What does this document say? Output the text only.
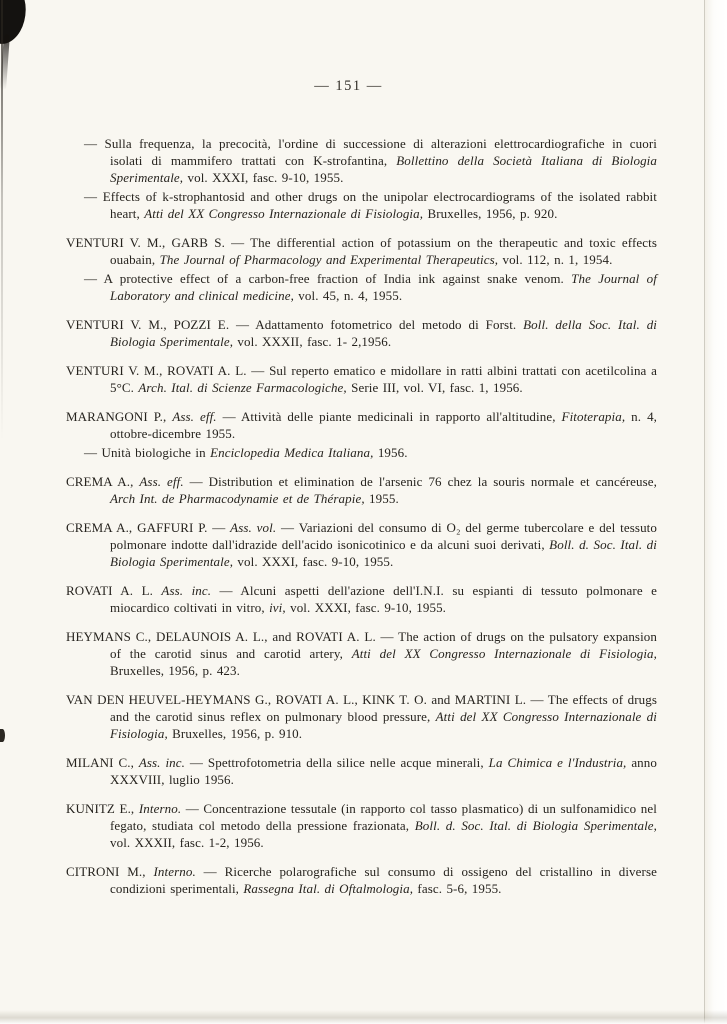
— 151 —

— Sulla frequenza, la precocità, l'ordine di successione di alterazioni elettrocardiografiche in cuori isolati di mammifero trattati con K-strofantina, Bollettino della Società Italiana di Biologia Sperimentale, vol. XXXI, fasc. 9-10, 1955.

— Effects of k-strophantosid and other drugs on the unipolar electrocardiograms of the isolated rabbit heart, Atti del XX Congresso Internazionale di Fisiologia, Bruxelles, 1956, p. 920.

VENTURI V. M., GARB S. — The differential action of potassium on the therapeutic and toxic effects ouabain, The Journal of Pharmacology and Experimental Therapeutics, vol. 112, n. 1, 1954.

— A protective effect of a carbon-free fraction of India ink against snake venom. The Journal of Laboratory and clinical medicine, vol. 45, n. 4, 1955.

VENTURI V. M., POZZI E. — Adattamento fotometrico del metodo di Forst. Boll. della Soc. Ital. di Biologia Sperimentale, vol. XXXII, fasc. 1- 2,1956.

VENTURI V. M., ROVATI A. L. — Sul reperto ematico e midollare in ratti albini trattati con acetilcolina a 5°C. Arch. Ital. di Scienze Farmacologiche, Serie III, vol. VI, fasc. 1, 1956.

MARANGONI P., Ass. eff. — Attività delle piante medicinali in rapporto all'altitudine, Fitoterapia, n. 4, ottobre-dicembre 1955.

— Unità biologiche in Enciclopedia Medica Italiana, 1956.

CREMA A., Ass. eff. — Distribution et elimination de l'arsenic 76 chez la souris normale et cancéreuse, Arch Int. de Pharmacodynamie et de Thérapie, 1955.

CREMA A., GAFFURI P. — Ass. vol. — Variazioni del consumo di O₂ del germe tubercolare e del tessuto polmonare indotte dall'idrazide dell'acido isonicotinico e da alcuni suoi derivati, Boll. d. Soc. Ital. di Biologia Sperimentale, vol. XXXI, fasc. 9-10, 1955.

ROVATI A. L. Ass. inc. — Alcuni aspetti dell'azione dell'I.N.I. su espianti di tessuto polmonare e miocardico coltivati in vitro, ivi, vol. XXXI, fasc. 9-10, 1955.

HEYMANS C., DELAUNOIS A. L., and ROVATI A. L. — The action of drugs on the pulsatory expansion of the carotid sinus and carotid artery, Atti del XX Congresso Internazionale di Fisiologia, Bruxelles, 1956, p. 423.

VAN DEN HEUVEL-HEYMANS G., ROVATI A. L., KINK T. O. and MARTINI L. — The effects of drugs and the carotid sinus reflex on pulmonary blood pressure, Atti del XX Congresso Internazionale di Fisiologia, Bruxelles, 1956, p. 910.

MILANI C., Ass. inc. — Spettrofotometria della silice nelle acque minerali, La Chimica e l'Industria, anno XXXVIII, luglio 1956.

KUNITZ E., Interno. — Concentrazione tessutale (in rapporto col tasso plasmatico) di un sulfonamidico nel fegato, studiata col metodo della pressione frazionata, Boll. d. Soc. Ital. di Biologia Sperimentale, vol. XXXII, fasc. 1-2, 1956.

CITRONI M., Interno. — Ricerche polarografiche sul consumo di ossigeno del cristallino in diverse condizioni sperimentali, Rassegna Ital. di Oftalmologia, fasc. 5-6, 1955.
